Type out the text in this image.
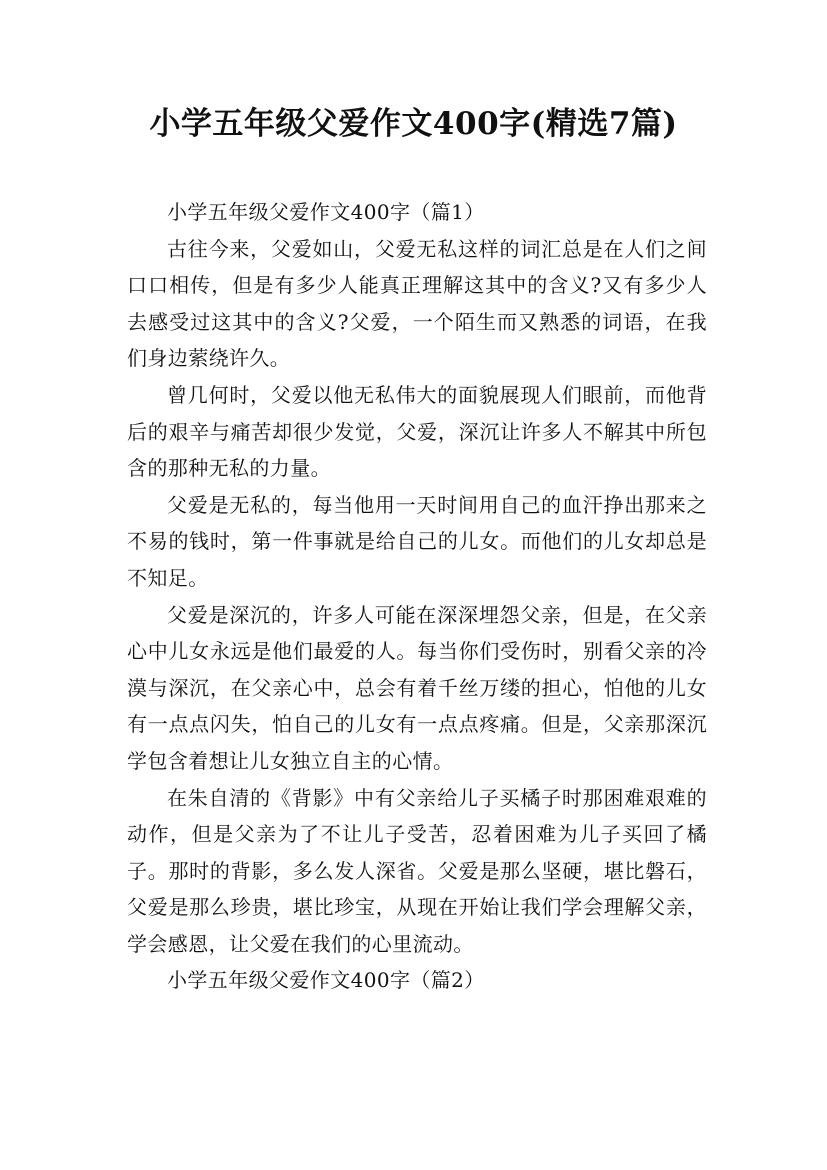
小学五年级父爱作文400字(精选7篇)

小学五年级父爱作文400字（篇1）

古往今来，父爱如山，父爱无私这样的词汇总是在人们之间口口相传，但是有多少人能真正理解这其中的含义?又有多少人去感受过这其中的含义?父爱，一个陌生而又熟悉的词语，在我们身边萦绕许久。

曾几何时，父爱以他无私伟大的面貌展现人们眼前，而他背后的艰辛与痛苦却很少发觉，父爱，深沉让许多人不解其中所包含的那种无私的力量。

父爱是无私的，每当他用一天时间用自己的血汗挣出那来之不易的钱时，第一件事就是给自己的儿女。而他们的儿女却总是不知足。

父爱是深沉的，许多人可能在深深埋怨父亲，但是，在父亲心中儿女永远是他们最爱的人。每当你们受伤时，别看父亲的冷漠与深沉，在父亲心中，总会有着千丝万缕的担心，怕他的儿女有一点点闪失，怕自己的儿女有一点点疼痛。但是，父亲那深沉学包含着想让儿女独立自主的心情。

在朱自清的《背影》中有父亲给儿子买橘子时那困难艰难的动作，但是父亲为了不让儿子受苦，忍着困难为儿子买回了橘子。那时的背影，多么发人深省。父爱是那么坚硬，堪比磐石，父爱是那么珍贵，堪比珍宝，从现在开始让我们学会理解父亲，学会感恩，让父爱在我们的心里流动。

小学五年级父爱作文400字（篇2）
